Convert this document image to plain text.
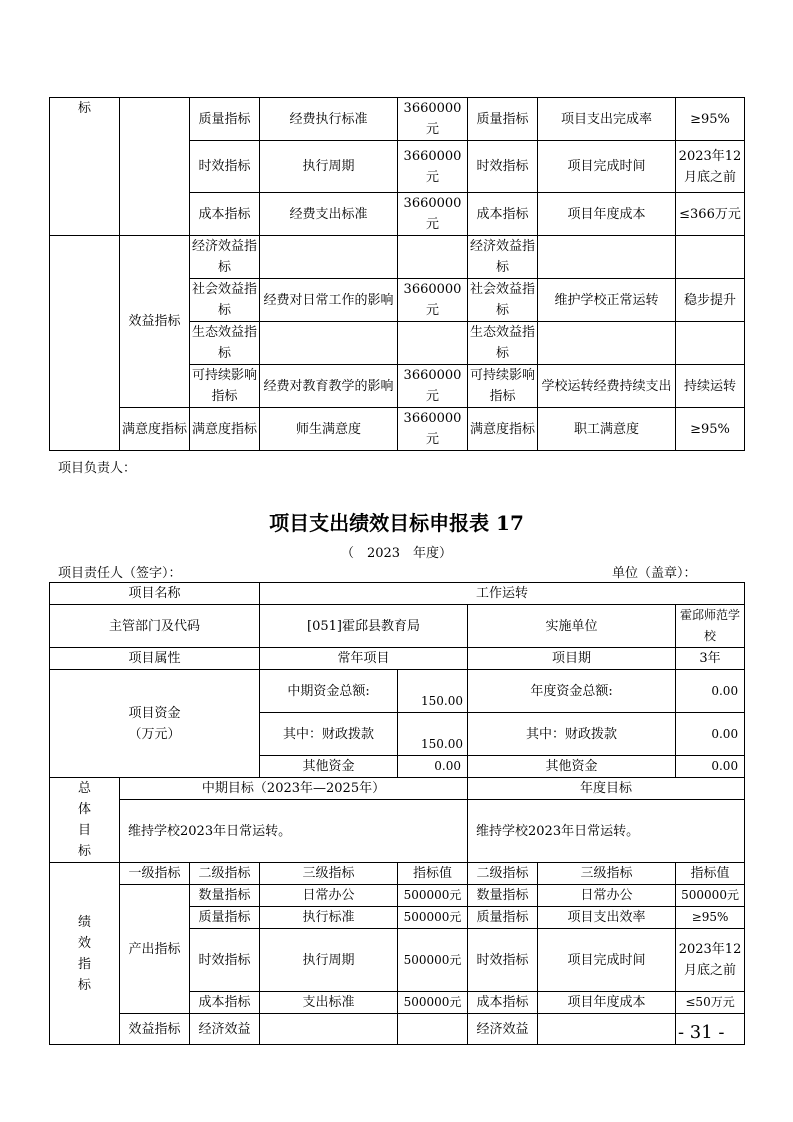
标		质量指标	经费执行标准	3660000元	质量指标	项目支出完成率	≥95%
		时效指标	执行周期	3660000元	时效指标	项目完成时间	2023年12月底之前
		成本指标	经费支出标准	3660000元	成本指标	项目年度成本	≤366万元
	效益指标	经济效益指标			经济效益指标		
		社会效益指标	经费对日常工作的影响	3660000元	社会效益指标	维护学校正常运转	稳步提升
		生态效益指标			生态效益指标		
		可持续影响指标	经费对教育教学的影响	3660000元	可持续影响指标	学校运转经费持续支出	持续运转
	满意度指标	满意度指标	师生满意度	3660000元	满意度指标	职工满意度	≥95%
项目负责人：
项目支出绩效目标申报表 17
（　2023　年度）
项目责任人（签字）：	单位（盖章）：
项目名称			工作运转				
主管部门及代码			[051]霍邱县教育局		实施单位		霍邱师范学校
项目属性			常年项目		项目期		3年
项目资金（万元）			中期资金总额:	150.00	年度资金总额:		0.00
			其中：财政拨款	150.00	其中：财政拨款		0.00
			其他资金	0.00	其他资金		0.00
总体目标	中期目标（2023年—2025年）				年度目标		
	维持学校2023年日常运转。				维持学校2023年日常运转。		
绩效指标	一级指标	二级指标	三级指标	指标值	二级指标	三级指标	指标值
	产出指标	数量指标	日常办公	500000元	数量指标	日常办公	500000元
		质量指标	执行标准	500000元	质量指标	项目支出效率	≥95%
		时效指标	执行周期	500000元	时效指标	项目完成时间	2023年12月底之前
		成本指标	支出标准	500000元	成本指标	项目年度成本	≤50万元
	效益指标	经济效益			经济效益			- 31 -
